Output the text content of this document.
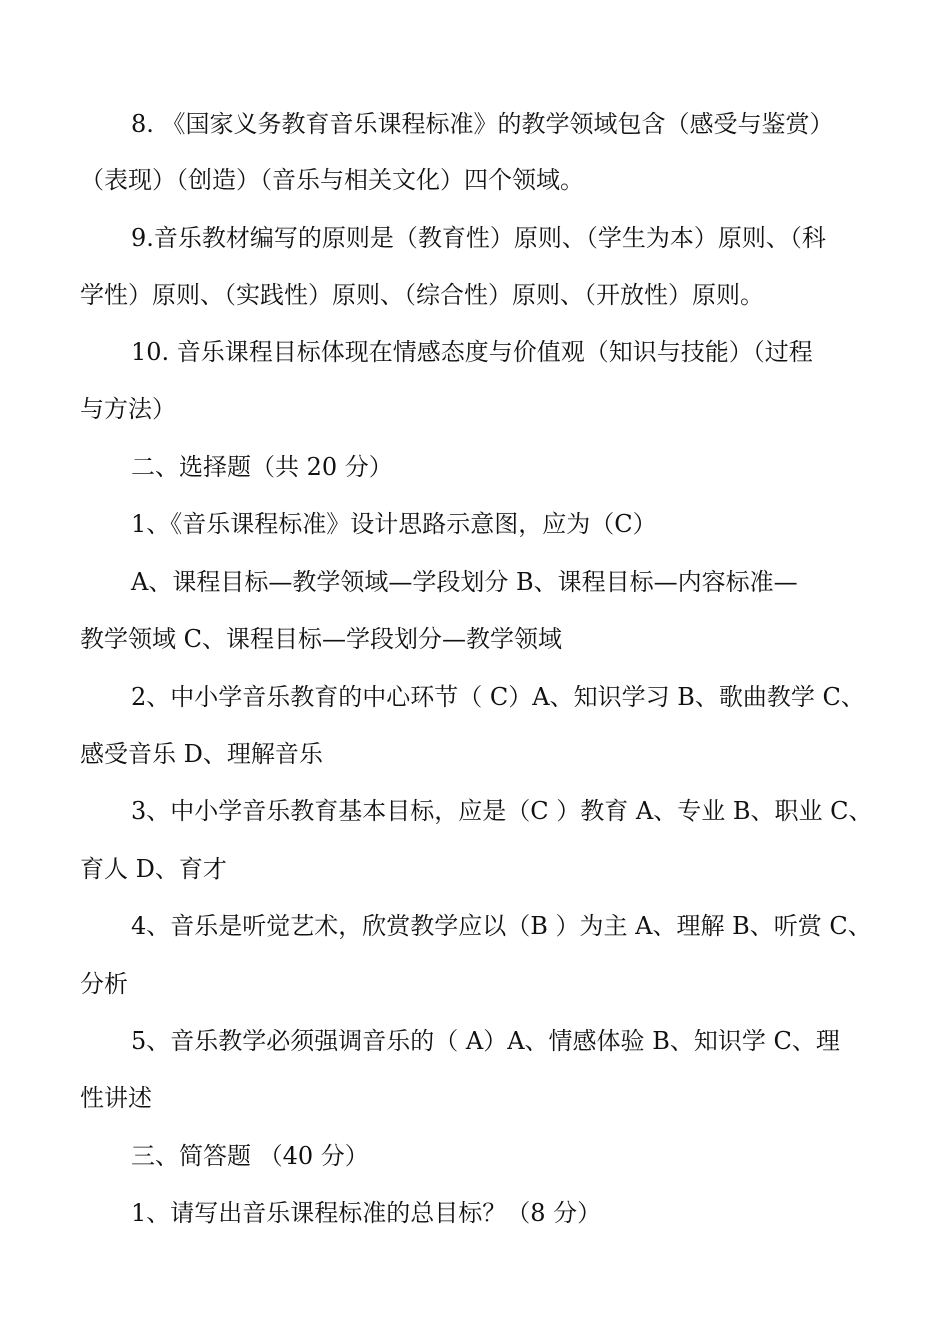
8. 《国家义务教育音乐课程标准》的教学领域包含（感受与鉴赏）
（表现）（创造）（音乐与相关文化）四个领域。
9.音乐教材编写的原则是（教育性）原则、（学生为本）原则、（科
学性）原则、（实践性）原则、（综合性）原则、（开放性）原则。
10. 音乐课程目标体现在情感态度与价值观（知识与技能）（过程
与方法）
二、选择题（共 20 分）
1、《音乐课程标准》设计思路示意图，应为（C）
A、课程目标—教学领域—学段划分 B、课程目标—内容标准—
教学领域 C、课程目标—学段划分—教学领域
2、中小学音乐教育的中心环节（ C）A、知识学习 B、歌曲教学 C、
感受音乐 D、理解音乐
3、中小学音乐教育基本目标，应是（C ）教育 A、专业 B、职业 C、
育人 D、育才
4、音乐是听觉艺术，欣赏教学应以（B ）为主 A、理解 B、听赏 C、
分析
5、音乐教学必须强调音乐的（ A）A、情感体验 B、知识学 C、理
性讲述
三、简答题 （40 分）
1、请写出音乐课程标准的总目标？（8 分）
